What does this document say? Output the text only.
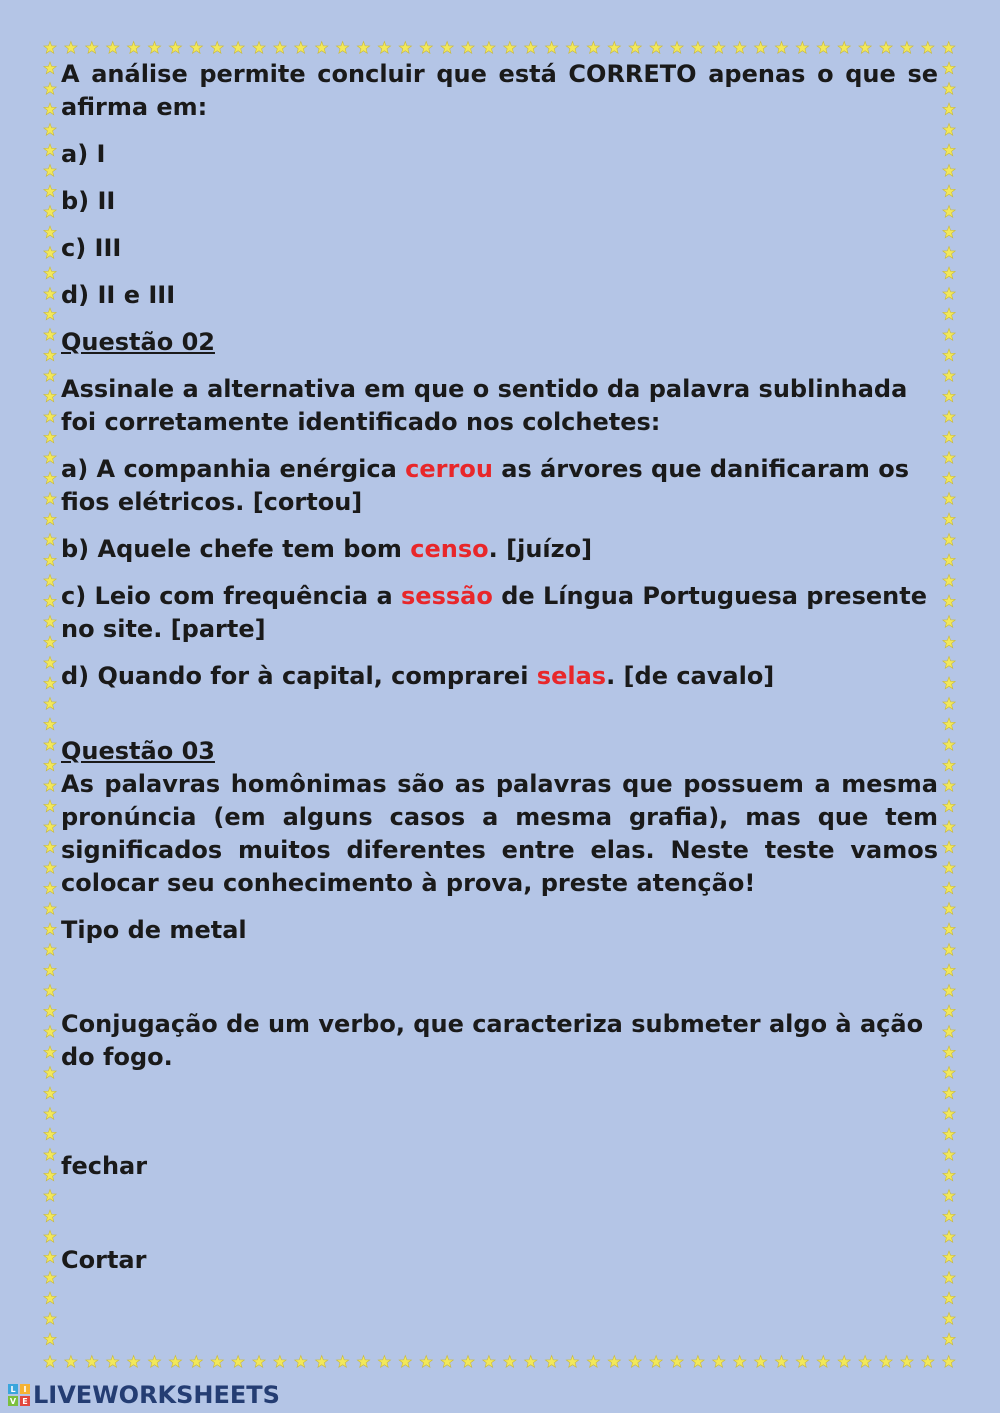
A análise permite concluir que está CORRETO apenas o que se afirma em:

a) I

b) II

c) III

d) II e III

Questão 02

Assinale a alternativa em que o sentido da palavra sublinhada foi corretamente identificado nos colchetes:

a) A companhia enérgica cerrou as árvores que danificaram os fios elétricos. [cortou]

b) Aquele chefe tem bom censo. [juízo]

c) Leio com frequência a sessão de Língua Portuguesa presente no site. [parte]

d) Quando for à capital, comprarei selas. [de cavalo]

Questão 03

As palavras homônimas são as palavras que possuem a mesma pronúncia (em alguns casos a mesma grafia), mas que tem significados muitos diferentes entre elas. Neste teste vamos colocar seu conhecimento à prova, preste atenção!

Tipo de metal

Conjugação de um verbo, que caracteriza submeter algo à ação do fogo.

fechar

Cortar

L I
V E LIVEWORKSHEETS
